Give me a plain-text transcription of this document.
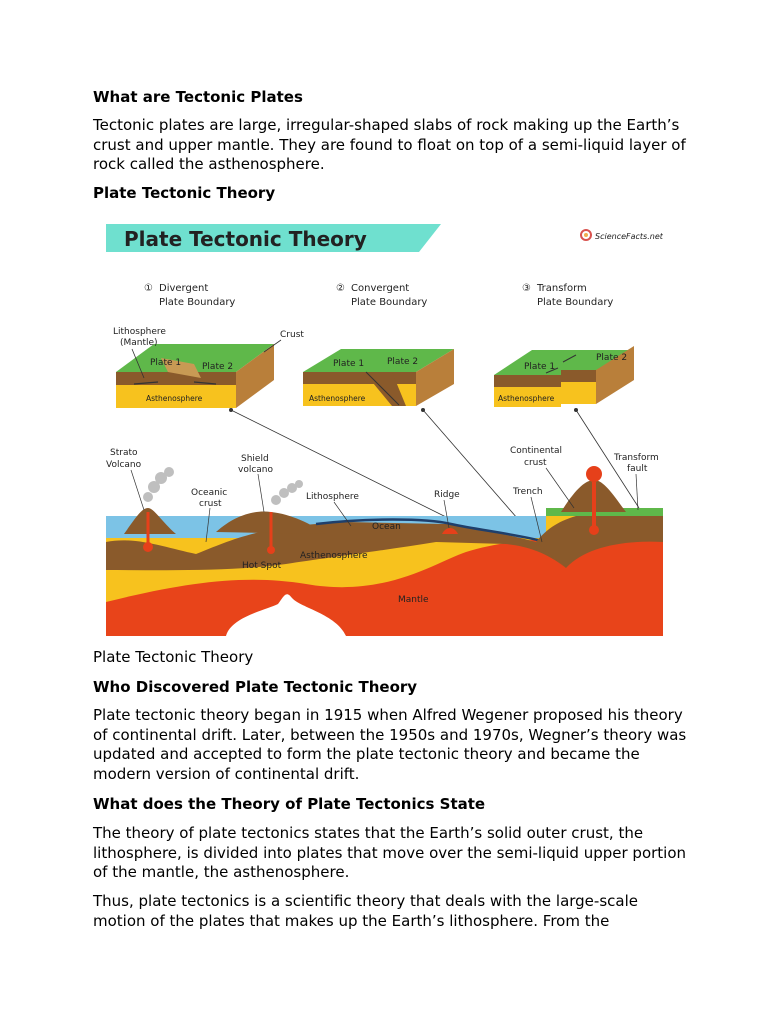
What are Tectonic Plates

Tectonic plates are large, irregular-shaped slabs of rock making up the Earth’s crust and upper mantle. They are found to float on top of a semi-liquid layer of rock called the asthenosphere.

Plate Tectonic Theory
Plate Tectonic Theory	ScienceFacts.net
① Divergent
Plate Boundary
② Convergent
Plate Boundary
③ Transform
Plate Boundary
Lithosphere
(Mantle)
Crust
Plate 1 Plate 2
Asthenosphere
Plate 1	Plate 2
Asthenosphere
Plate 1
Plate 2
Asthenosphere
Strato
Volcano
Shield
volcano
Oceanic
crust
Lithosphere	Ridge
Continental
crust
Trench
Transform
fault
Ocean
Asthenosphere
Hot Spot
Mantle

Plate Tectonic Theory

Who Discovered Plate Tectonic Theory

Plate tectonic theory began in 1915 when Alfred Wegener proposed his theory of continental drift. Later, between the 1950s and 1970s, Wegner’s theory was updated and accepted to form the plate tectonic theory and became the modern version of continental drift.

What does the Theory of Plate Tectonics State

The theory of plate tectonics states that the Earth’s solid outer crust, the lithosphere, is divided into plates that move over the semi-liquid upper portion of the mantle, the asthenosphere.

Thus, plate tectonics is a scientific theory that deals with the large-scale motion of the plates that makes up the Earth’s lithosphere. From the
